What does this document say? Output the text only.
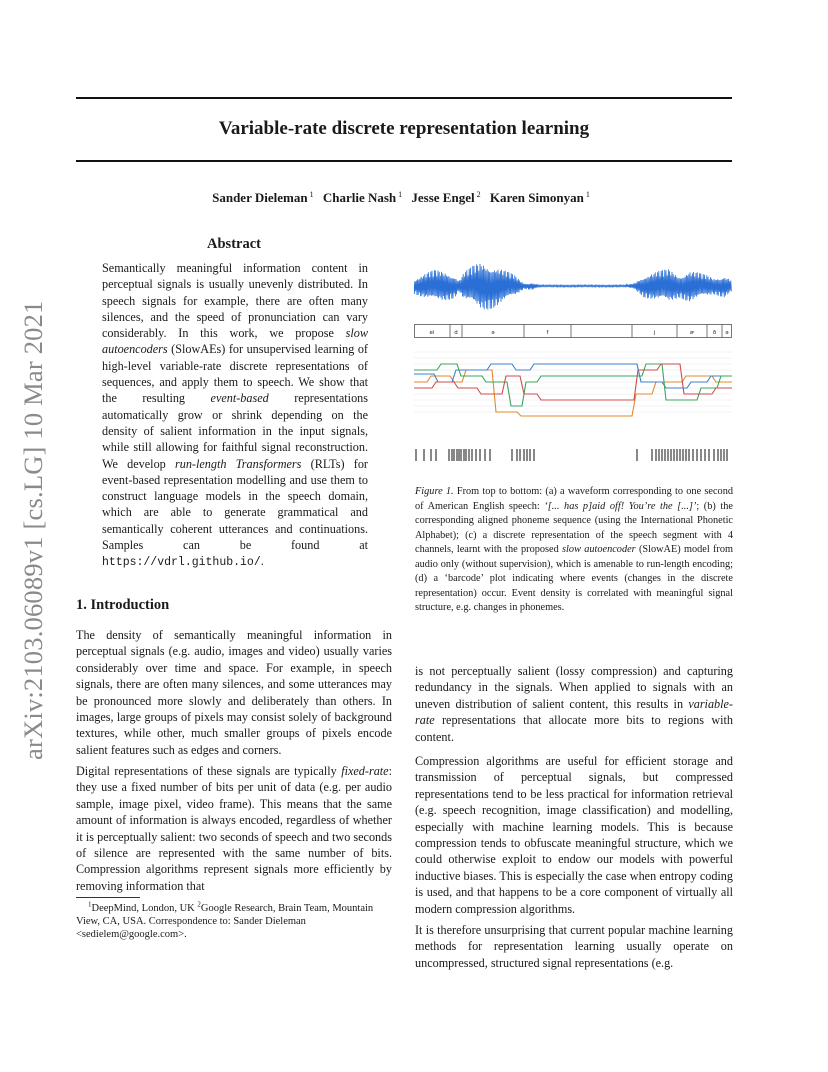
Variable-rate discrete representation learning
Sander Dieleman $^1$ Charlie Nash $^1$ Jesse Engel $^2$ Karen Simonyan $^1$
arXiv:2103.06089v1 [cs.LG] 10 Mar 2021
Abstract

Semantically meaningful information content in perceptual signals is usually unevenly distributed. In speech signals for example, there are often many silences, and the speed of pronunciation can vary considerably. In this work, we propose slow autoencoders (SlowAEs) for unsupervised learning of high-level variable-rate discrete representations of sequences, and apply them to speech. We show that the resulting event-based representations automatically grow or shrink depending on the density of salient information in the input signals, while still allowing for faithful signal reconstruction. We develop run-length Transformers (RLTs) for event-based representation modelling and use them to construct language models in the speech domain, which are able to generate grammatical and semantically coherent utterances and continuations. Samples can be found at https://vdrl.github.io/.

1. Introduction

The density of semantically meaningful information in perceptual signals (e.g. audio, images and video) usually varies considerably over time and space. For example, in speech signals, there are often many silences, and some utterances may be pronounced more slowly and deliberately than others. In images, large groups of pixels may consist solely of background textures, while other, much smaller groups of pixels encode salient features such as edges and corners.

Digital representations of these signals are typically fixed-rate: they use a fixed number of bits per unit of data (e.g. per audio sample, image pixel, video frame). This means that the same amount of information is always encoded, regardless of whether it is perceptually salient: two seconds of speech and two seconds of silence are represented with the same number of bits. Compression algorithms represent signals more efficiently by removing information that

$^1$DeepMind, London, UK $^2$Google Research, Brain Team, Mountain View, CA, USA. Correspondence to: Sander Dieleman <sedielem@google.com>.

ei	d	ə	f	j	ɚ	ð ə

Figure 1. From top to bottom: (a) a waveform corresponding to one second of American English speech: ‘[... has p]aid off! You’re the [...]’; (b) the corresponding aligned phoneme sequence (using the International Phonetic Alphabet); (c) a discrete representation of the speech segment with 4 channels, learnt with the proposed slow autoencoder (SlowAE) model from audio only (without supervision), which is amenable to run-length encoding; (d) a ‘barcode’ plot indicating where events (changes in the discrete representation) occur. Event density is correlated with meaningful signal structure, e.g. changes in phonemes.

is not perceptually salient (lossy compression) and capturing redundancy in the signals. When applied to signals with an uneven distribution of salient content, this results in variable-rate representations that allocate more bits to regions with content.

Compression algorithms are useful for efficient storage and transmission of perceptual signals, but compressed representations tend to be less practical for information retrieval (e.g. speech recognition, image classification) and modelling, especially with machine learning models. This is because compression tends to obfuscate meaningful structure, which we could otherwise exploit to endow our models with powerful inductive biases. This is especially the case when entropy coding is used, and that happens to be a core component of virtually all modern compression algorithms.

It is therefore unsurprising that current popular machine learning methods for representation learning usually operate on uncompressed, structured signal representations (e.g.
